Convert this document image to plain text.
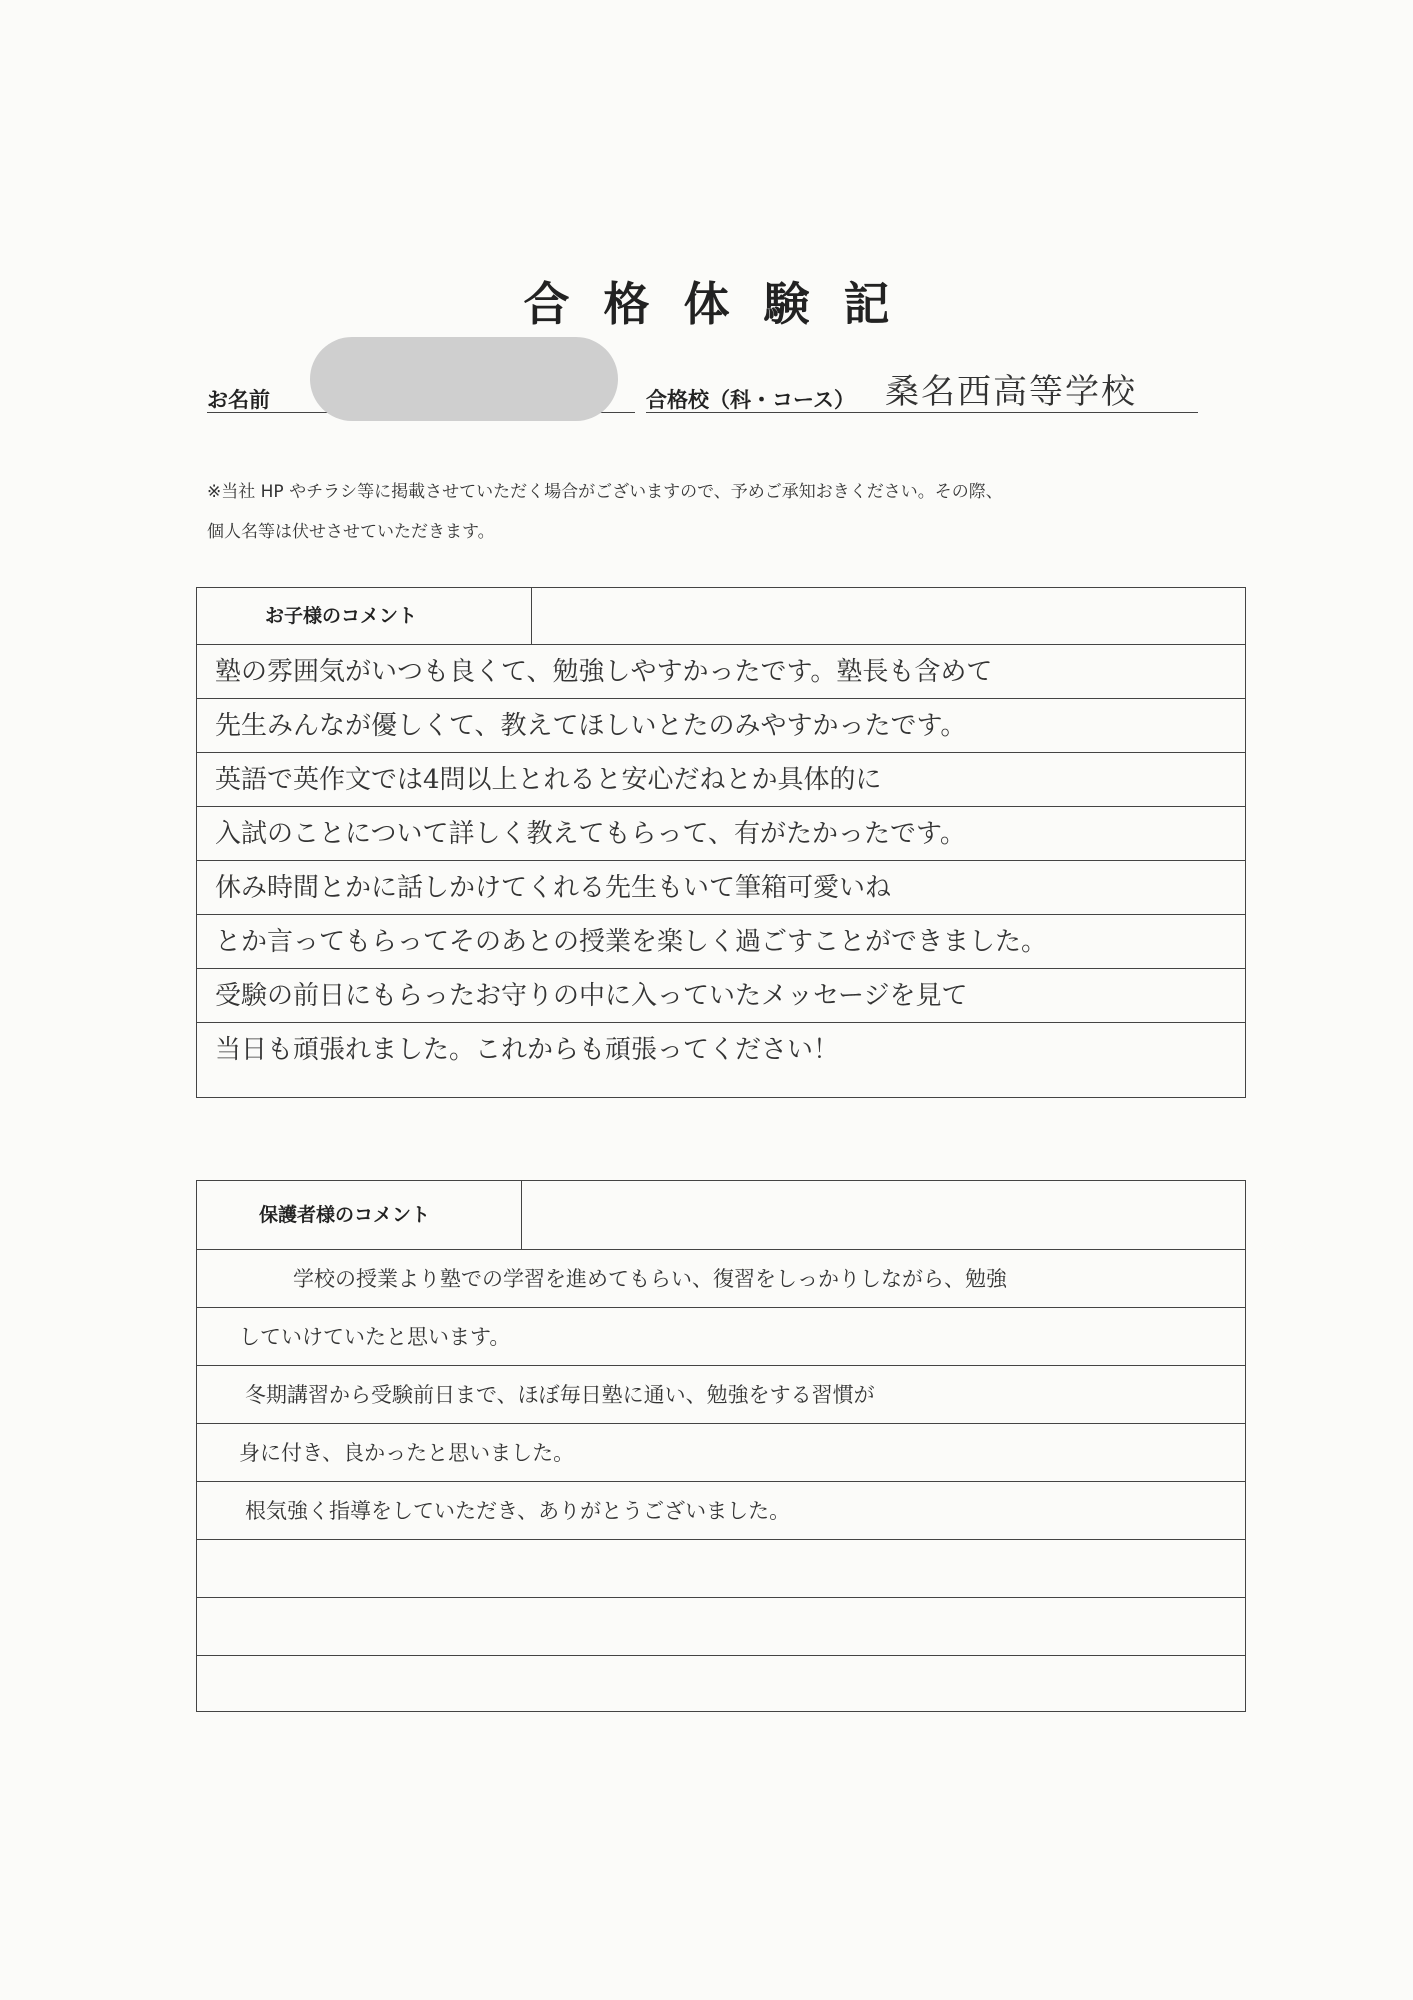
合格体験記
お名前	合格校（科・コース） 桑名西高等学校
※当社 HP やチラシ等に掲載させていただく場合がございますので、予めご承知おきください。その際、
個人名等は伏せさせていただきます。
お子様のコメント
塾の雰囲気がいつも良くて、勉強しやすかったです。塾長も含めて
先生みんなが優しくて、教えてほしいとたのみやすかったです。
英語で英作文では4問以上とれると安心だねとか具体的に
入試のことについて詳しく教えてもらって、有がたかったです。
休み時間とかに話しかけてくれる先生もいて筆箱可愛いね
とか言ってもらってそのあとの授業を楽しく過ごすことができました。
受験の前日にもらったお守りの中に入っていたメッセージを見て
当日も頑張れました。これからも頑張ってください！
保護者様のコメント
学校の授業より塾での学習を進めてもらい、復習をしっかりしながら、勉強
していけていたと思います。
冬期講習から受験前日まで、ほぼ毎日塾に通い、勉強をする習慣が
身に付き、良かったと思いました。
根気強く指導をしていただき、ありがとうございました。
